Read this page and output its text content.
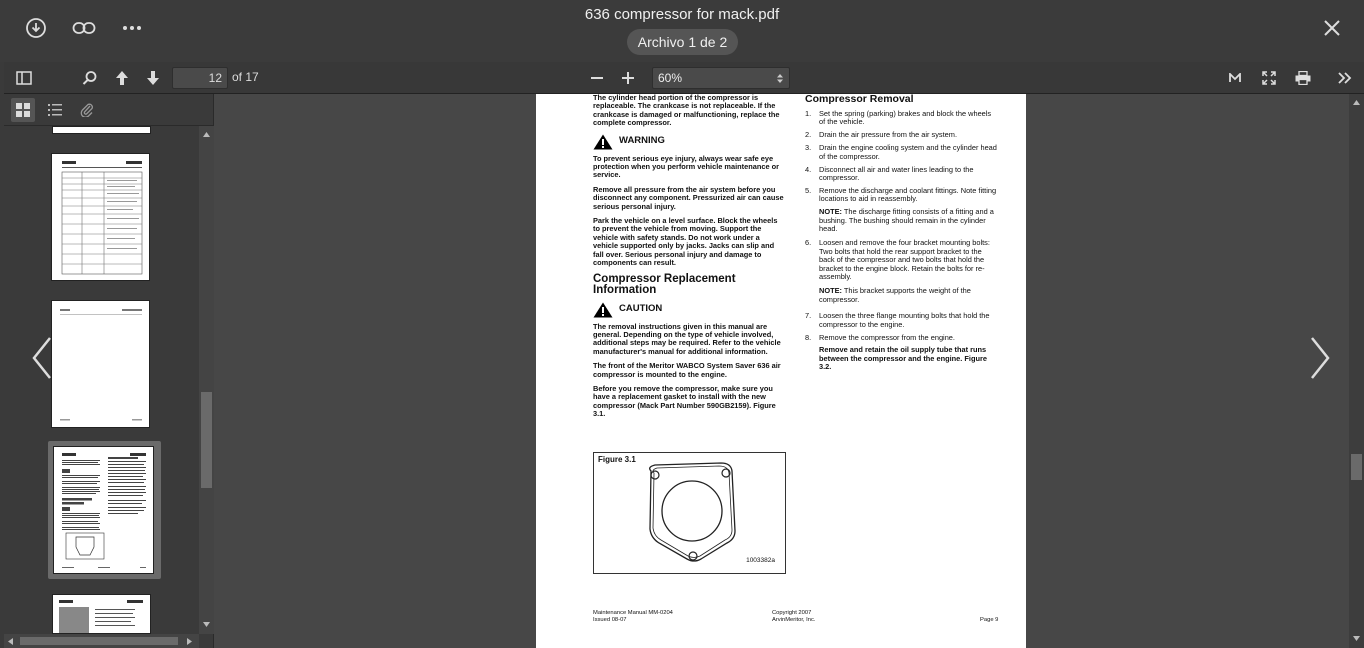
636 compressor for mack.pdf
Archivo 1 de 2
12 of 17	60%
The cylinder head portion of the compressor is replaceable. The crankcase is not replaceable. If the crankcase is damaged or malfunctioning, replace the complete compressor.
WARNING
To prevent serious eye injury, always wear safe eye protection when you perform vehicle maintenance or service.
Remove all pressure from the air system before you disconnect any component. Pressurized air can cause serious personal injury.
Park the vehicle on a level surface. Block the wheels to prevent the vehicle from moving. Support the vehicle with safety stands. Do not work under a vehicle supported only by jacks. Jacks can slip and fall over. Serious personal injury and damage to components can result.
Compressor Replacement Information
CAUTION
The removal instructions given in this manual are general. Depending on the type of vehicle involved, additional steps may be required. Refer to the vehicle manufacturer's manual for additional information.
The front of the Meritor WABCO System Saver 636 air compressor is mounted to the engine.
Before you remove the compressor, make sure you have a replacement gasket to install with the new compressor (Mack Part Number 590GB2159). Figure 3.1.
Figure 3.1
1003382a
Compressor Removal
1. Set the spring (parking) brakes and block the wheels of the vehicle.
2. Drain the air pressure from the air system.
3. Drain the engine cooling system and the cylinder head of the compressor.
4. Disconnect all air and water lines leading to the compressor.
5. Remove the discharge and coolant fittings. Note fitting locations to aid in reassembly.
NOTE: The discharge fitting consists of a fitting and a bushing. The bushing should remain in the cylinder head.
6. Loosen and remove the four bracket mounting bolts: Two bolts that hold the rear support bracket to the back of the compressor and two bolts that hold the bracket to the engine block. Retain the bolts for re-assembly.
NOTE: This bracket supports the weight of the compressor.
7. Loosen the three flange mounting bolts that hold the compressor to the engine.
8. Remove the compressor from the engine.
Remove and retain the oil supply tube that runs between the compressor and the engine. Figure 3.2.
Maintenance Manual MM-0204
Issued 08-07
Copyright 2007
ArvinMeritor, Inc.	Page 9
